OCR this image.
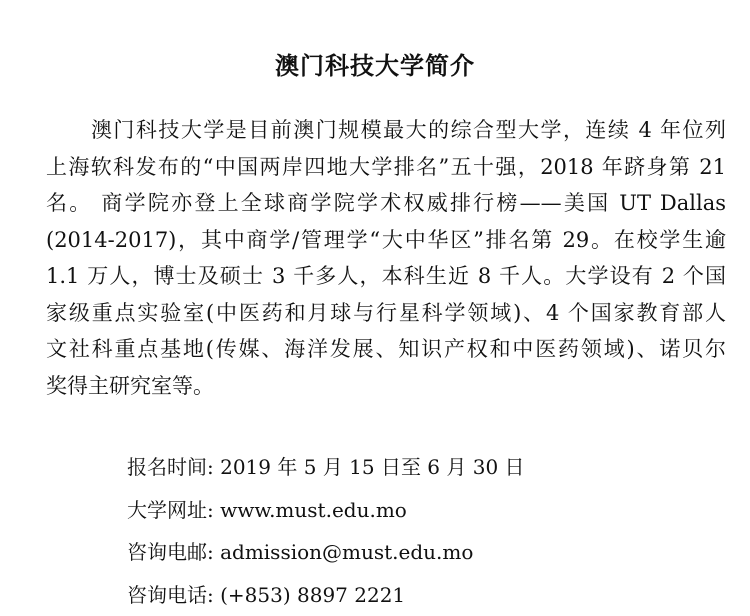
澳门科技大学简介
　　澳门科技大学是目前澳门规模最大的综合型大学，连续 4 年位列
上海软科发布的“中国两岸四地大学排名”五十强，2018 年跻身第 21
名。 商学院亦登上全球商学院学术权威排行榜——美国 UT Dallas
(2014-2017)，其中商学/管理学“大中华区”排名第 29。在校学生逾
1.1 万人，博士及硕士 3 千多人，本科生近 8 千人。大学设有 2 个国
家级重点实验室(中医药和月球与行星科学领域)、4 个国家教育部人
文社科重点基地(传媒、海洋发展、知识产权和中医药领域)、诺贝尔
奖得主研究室等。
报名时间: 2019 年 5 月 15 日至 6 月 30 日
大学网址: www.must.edu.mo
咨询电邮: admission@must.edu.mo
咨询电话: (+853) 8897 2221
